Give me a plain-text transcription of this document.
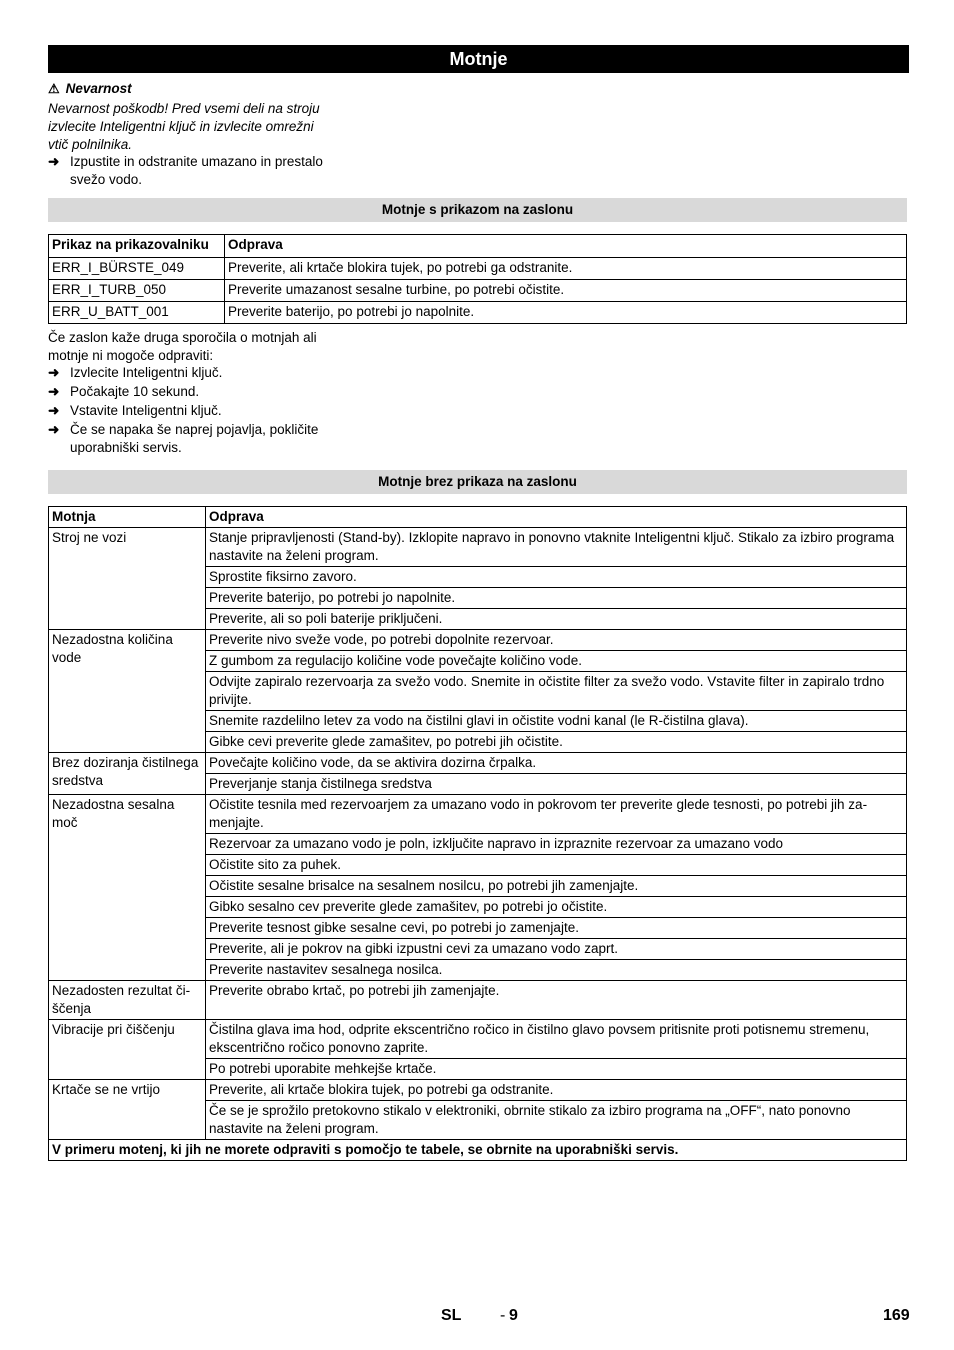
Motnje
⚠ Nevarnost
Nevarnost poškodb! Pred vsemi deli na stroju izvlecite Inteligentni ključ in izvlecite omrežni vtič polnilnika.
➜ Izpustite in odstranite umazano in prestalo svežo vodo.
Motnje s prikazom na zaslonu
Prikaz na prikazovalniku	Odprava
ERR_I_BÜRSTE_049	Preverite, ali krtače blokira tujek, po potrebi ga odstranite.
ERR_I_TURB_050	Preverite umazanost sesalne turbine, po potrebi očistite.
ERR_U_BATT_001	Preverite baterijo, po potrebi jo napolnite.
Če zaslon kaže druga sporočila o motnjah ali motnje ni mogoče odpraviti:
➜ Izvlecite Inteligentni ključ.
➜ Počakajte 10 sekund.
➜ Vstavite Inteligentni ključ.
➜ Če se napaka še naprej pojavlja, pokličite uporabniški servis.
Motnje brez prikaza na zaslonu
Motnja	Odprava
Stroj ne vozi	Stanje pripravljenosti (Stand-by). Izklopite napravo in ponovno vtaknite Inteligentni ključ. Stikalo za izbiro programa nastavite na želeni program.
	Sprostite fiksirno zavoro.
	Preverite baterijo, po potrebi jo napolnite.
	Preverite, ali so poli baterije priključeni.
Nezadostna količina vode	Preverite nivo sveže vode, po potrebi dopolnite rezervoar.
	Z gumbom za regulacijo količine vode povečajte količino vode.
	Odvijte zapiralo rezervoarja za svežo vodo. Snemite in očistite filter za svežo vodo. Vstavite filter in zapiralo trdno privijte.
	Snemite razdelilno letev za vodo na čistilni glavi in očistite vodni kanal (le R-čistilna glava).
	Gibke cevi preverite glede zamašitev, po potrebi jih očistite.
Brez doziranja čistilnega sredstva	Povečajte količino vode, da se aktivira dozirna črpalka.
	Preverjanje stanja čistilnega sredstva
Nezadostna sesalna moč	Očistite tesnila med rezervoarjem za umazano vodo in pokrovom ter preverite glede tesnosti, po potrebi jih zamenjajte.
	Rezervoar za umazano vodo je poln, izključite napravo in izpraznite rezervoar za umazano vodo
	Očistite sito za puhek.
	Očistite sesalne brisalce na sesalnem nosilcu, po potrebi jih zamenjajte.
	Gibko sesalno cev preverite glede zamašitev, po potrebi jo očistite.
	Preverite tesnost gibke sesalne cevi, po potrebi jo zamenjajte.
	Preverite, ali je pokrov na gibki izpustni cevi za umazano vodo zaprt.
	Preverite nastavitev sesalnega nosilca.
Nezadosten rezultat čiščenja	Preverite obrabo krtač, po potrebi jih zamenjajte.
Vibracije pri čiščenju	Čistilna glava ima hod, odprite ekscentrično ročico in čistilno glavo povsem pritisnite proti potisnemu stremenu, ekscentrično ročico ponovno zaprite.
	Po potrebi uporabite mehkejše krtače.
Krtače se ne vrtijo	Preverite, ali krtače blokira tujek, po potrebi ga odstranite.
	Če se je sprožilo pretokovno stikalo v elektroniki, obrnite stikalo za izbiro programa na „OFF“, nato ponovno nastavite na želeni program.
V primeru motenj, ki jih ne morete odpraviti s pomočjo te tabele, se obrnite na uporabniški servis.	
SL - 9	169
